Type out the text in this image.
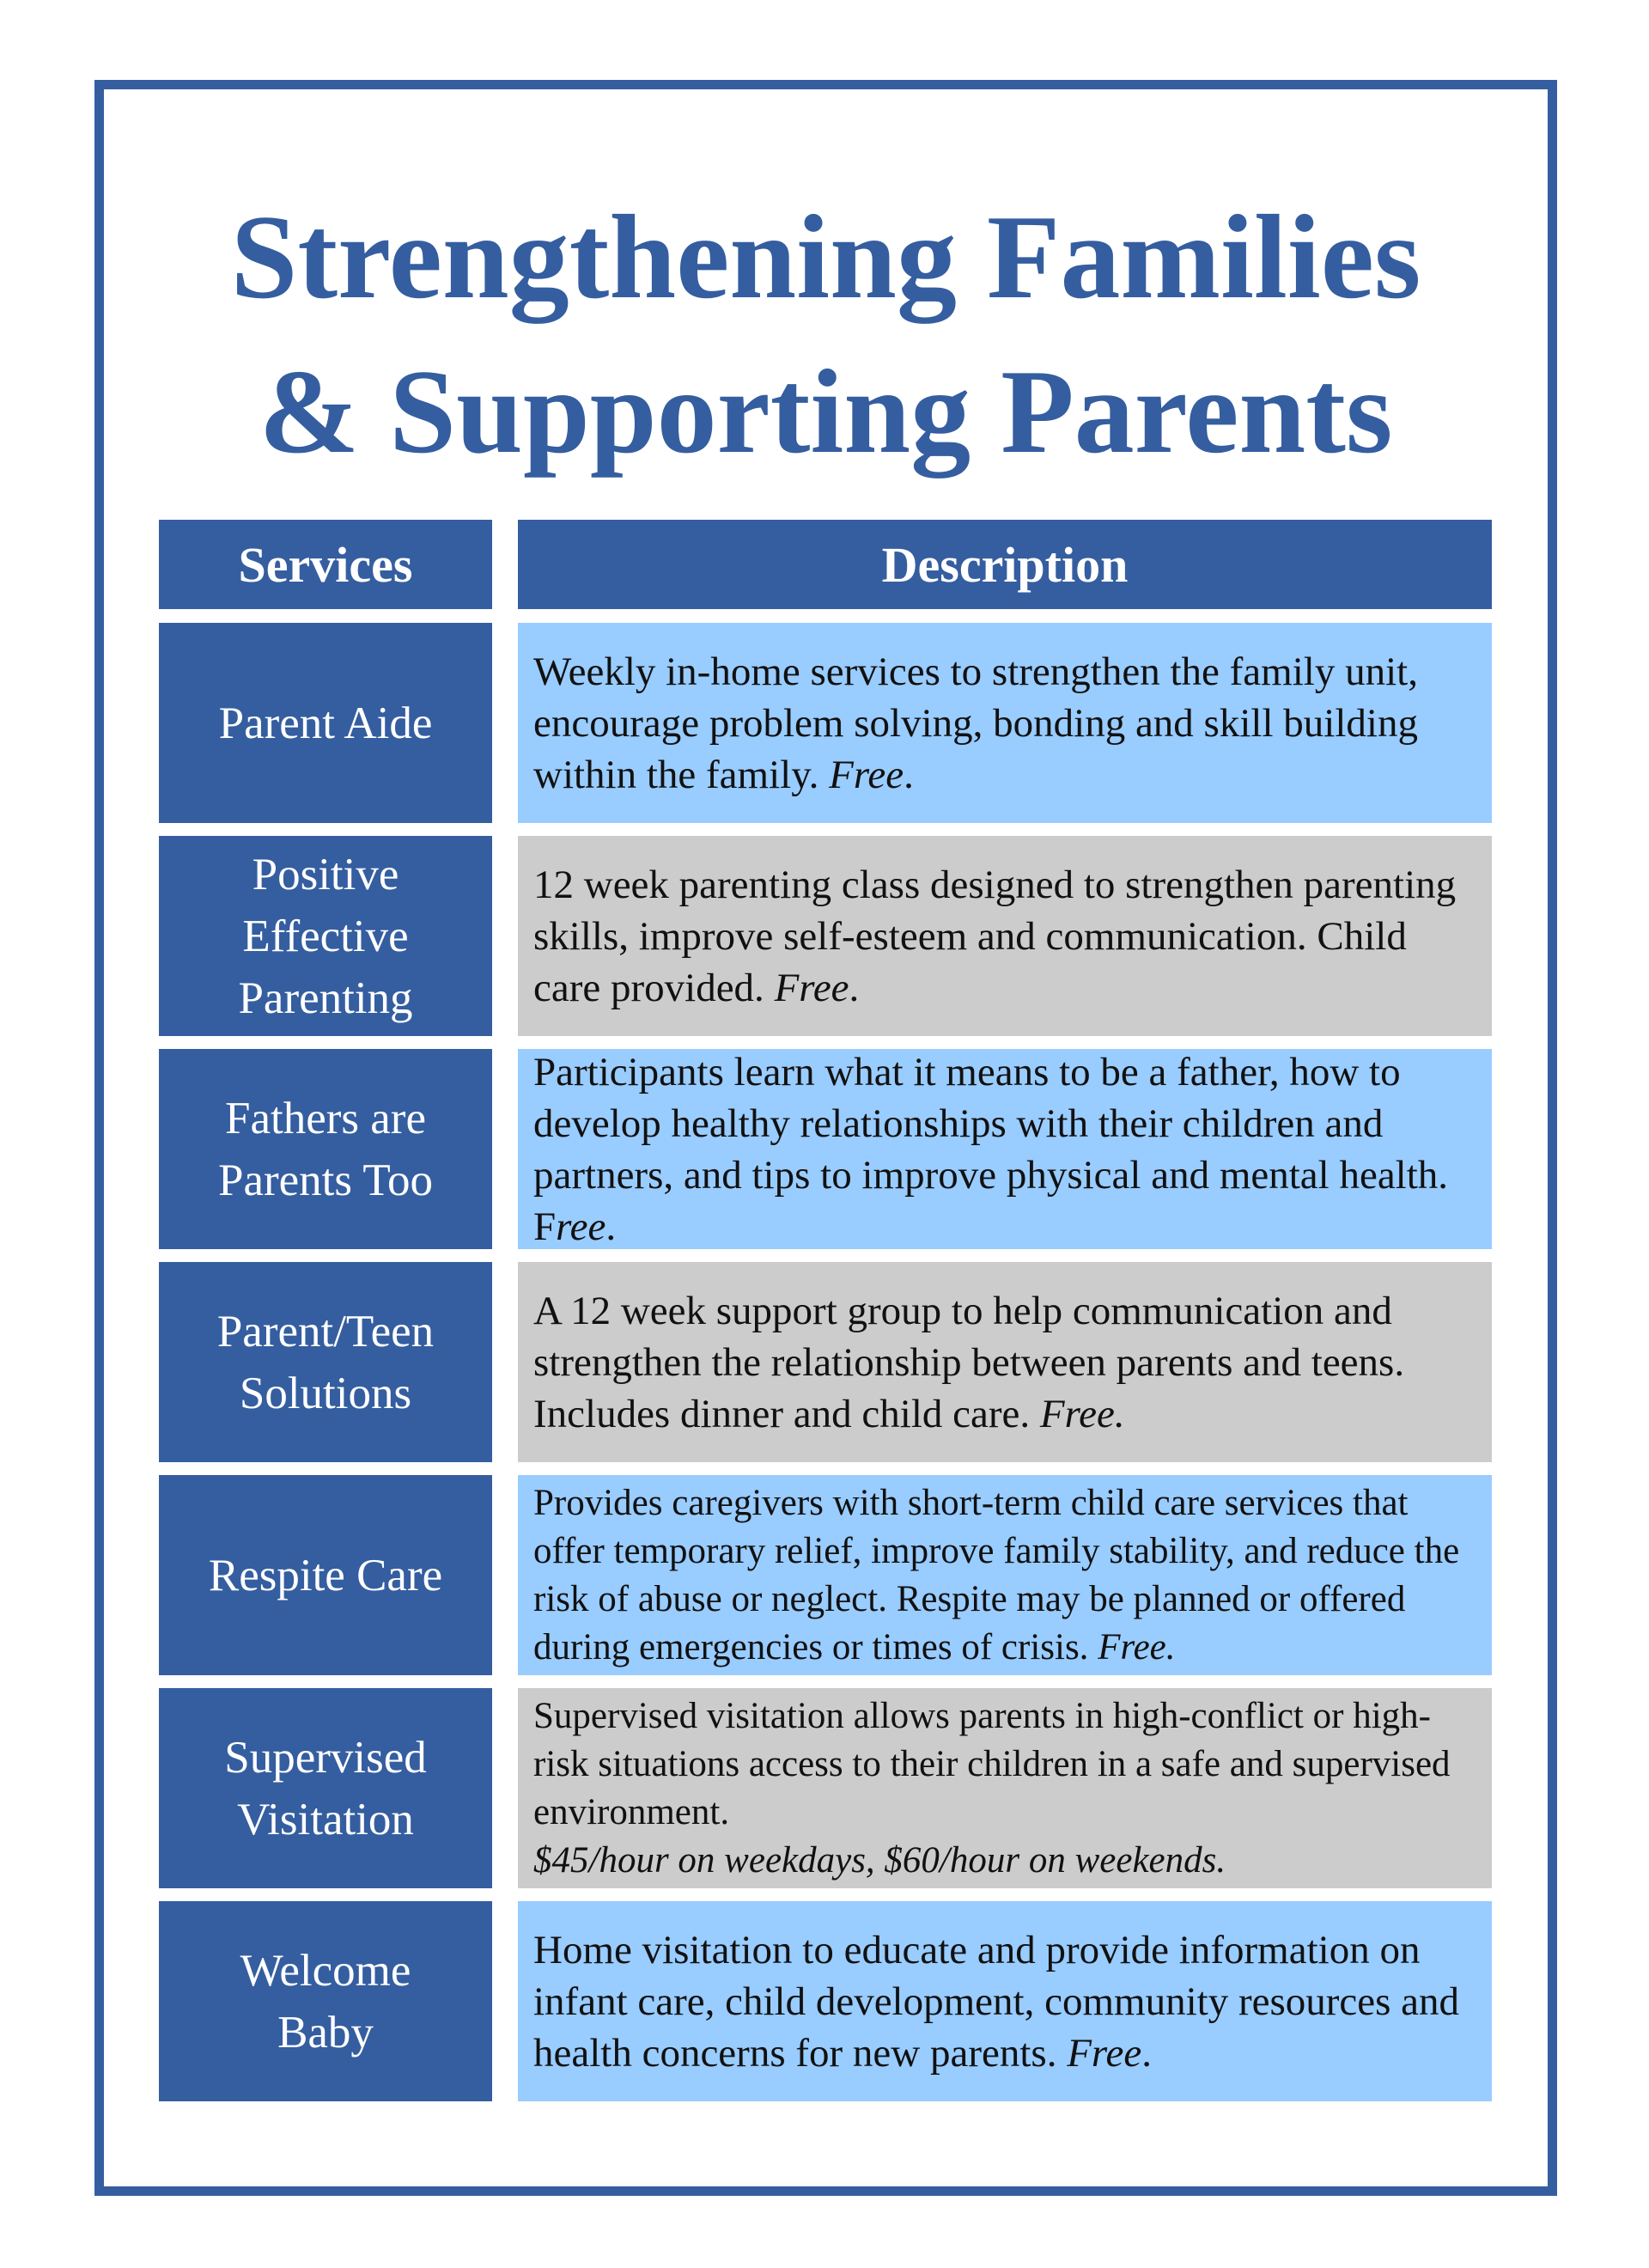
Strengthening Families
& Supporting Parents
Services	Description
Parent Aide
Weekly in-home services to strengthen the family unit, encourage problem solving, bonding and skill building within the family. Free.
Positive Effective Parenting
12 week parenting class designed to strengthen parenting skills, improve self-esteem and communication. Child care provided. Free.
Fathers are Parents Too
Participants learn what it means to be a father, how to develop healthy relationships with their children and partners, and tips to improve physical and mental health. Free.
Parent/Teen Solutions
A 12 week support group to help communication and strengthen the relationship between parents and teens. Includes dinner and child care. Free.
Respite Care
Provides caregivers with short-term child care services that offer temporary relief, improve family stability, and reduce the risk of abuse or neglect. Respite may be planned or offered during emergencies or times of crisis. Free.
Supervised Visitation
Supervised visitation allows parents in high-conflict or high-risk situations access to their children in a safe and supervised environment.
$45/hour on weekdays, $60/hour on weekends.
Welcome Baby
Home visitation to educate and provide information on infant care, child development, community resources and health concerns for new parents. Free.
